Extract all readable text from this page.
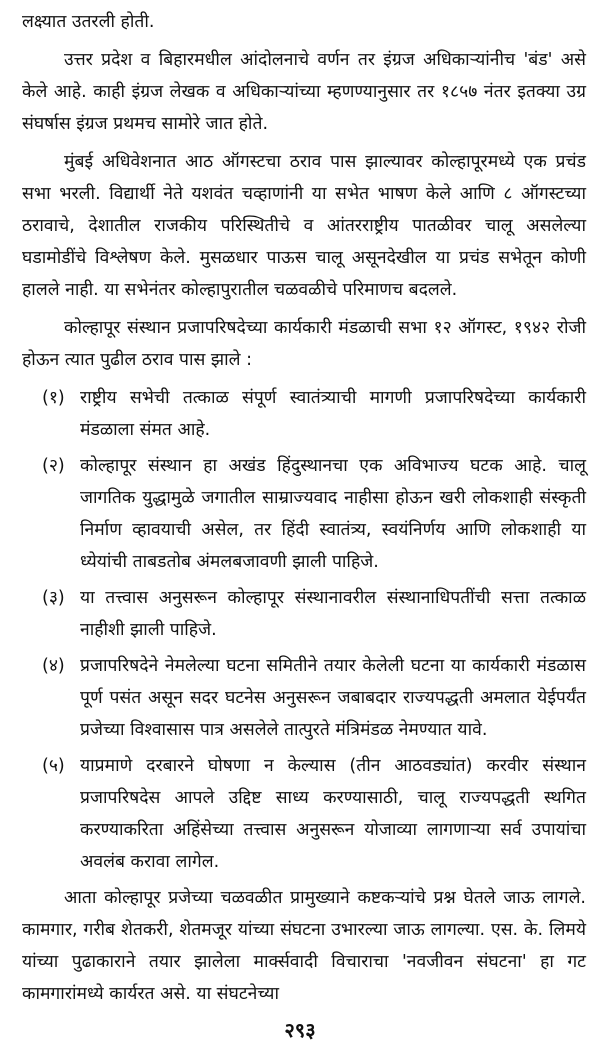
लक्ष्यात उतरली होती.

उत्तर प्रदेश व बिहारमधील आंदोलनाचे वर्णन तर इंग्रज अधिकाऱ्यांनीच 'बंड' असे केले आहे. काही इंग्रज लेखक व अधिकाऱ्यांच्या म्हणण्यानुसार तर १८५७ नंतर इतक्या उग्र संघर्षास इंग्रज प्रथमच सामोरे जात होते.

मुंबई अधिवेशनात आठ ऑगस्टचा ठराव पास झाल्यावर कोल्हापूरमध्ये एक प्रचंड सभा भरली. विद्यार्थी नेते यशवंत चव्हाणांनी या सभेत भाषण केले आणि ८ ऑगस्टच्या ठरावाचे, देशातील राजकीय परिस्थितीचे व आंतरराष्ट्रीय पातळीवर चालू असलेल्या घडामोडींचे विश्लेषण केले. मुसळधार पाऊस चालू असूनदेखील या प्रचंड सभेतून कोणी हालले नाही. या सभेनंतर कोल्हापुरातील चळवळीचे परिमाणच बदलले.

कोल्हापूर संस्थान प्रजापरिषदेच्या कार्यकारी मंडळाची सभा १२ ऑगस्ट, १९४२ रोजी होऊन त्यात पुढील ठराव पास झाले :

(१) राष्ट्रीय सभेची तत्काळ संपूर्ण स्वातंत्र्याची मागणी प्रजापरिषदेच्या कार्यकारी मंडळाला संमत आहे.
(२) कोल्हापूर संस्थान हा अखंड हिंदुस्थानचा एक अविभाज्य घटक आहे. चालू जागतिक युद्धामुळे जगातील साम्राज्यवाद नाहीसा होऊन खरी लोकशाही संस्कृती निर्माण व्हावयाची असेल, तर हिंदी स्वातंत्र्य, स्वयंनिर्णय आणि लोकशाही या ध्येयांची ताबडतोब अंमलबजावणी झाली पाहिजे.
(३) या तत्त्वास अनुसरून कोल्हापूर संस्थानावरील संस्थानाधिपतींची सत्ता तत्काळ नाहीशी झाली पाहिजे.
(४) प्रजापरिषदेने नेमलेल्या घटना समितीने तयार केलेली घटना या कार्यकारी मंडळास पूर्ण पसंत असून सदर घटनेस अनुसरून जबाबदार राज्यपद्धती अमलात येईपर्यंत प्रजेच्या विश्वासास पात्र असलेले तात्पुरते मंत्रिमंडळ नेमण्यात यावे.
(५) याप्रमाणे दरबारने घोषणा न केल्यास (तीन आठवड्यांत) करवीर संस्थान प्रजापरिषदेस आपले उद्दिष्ट साध्य करण्यासाठी, चालू राज्यपद्धती स्थगित करण्याकरिता अहिंसेच्या तत्त्वास अनुसरून योजाव्या लागणाऱ्या सर्व उपायांचा अवलंब करावा लागेल.

आता कोल्हापूर प्रजेच्या चळवळीत प्रामुख्याने कष्टकऱ्यांचे प्रश्न घेतले जाऊ लागले. कामगार, गरीब शेतकरी, शेतमजूर यांच्या संघटना उभारल्या जाऊ लागल्या. एस. के. लिमये यांच्या पुढाकाराने तयार झालेला मार्क्सवादी विचाराचा 'नवजीवन संघटना' हा गट कामगारांमध्ये कार्यरत असे. या संघटनेच्या

२९३
